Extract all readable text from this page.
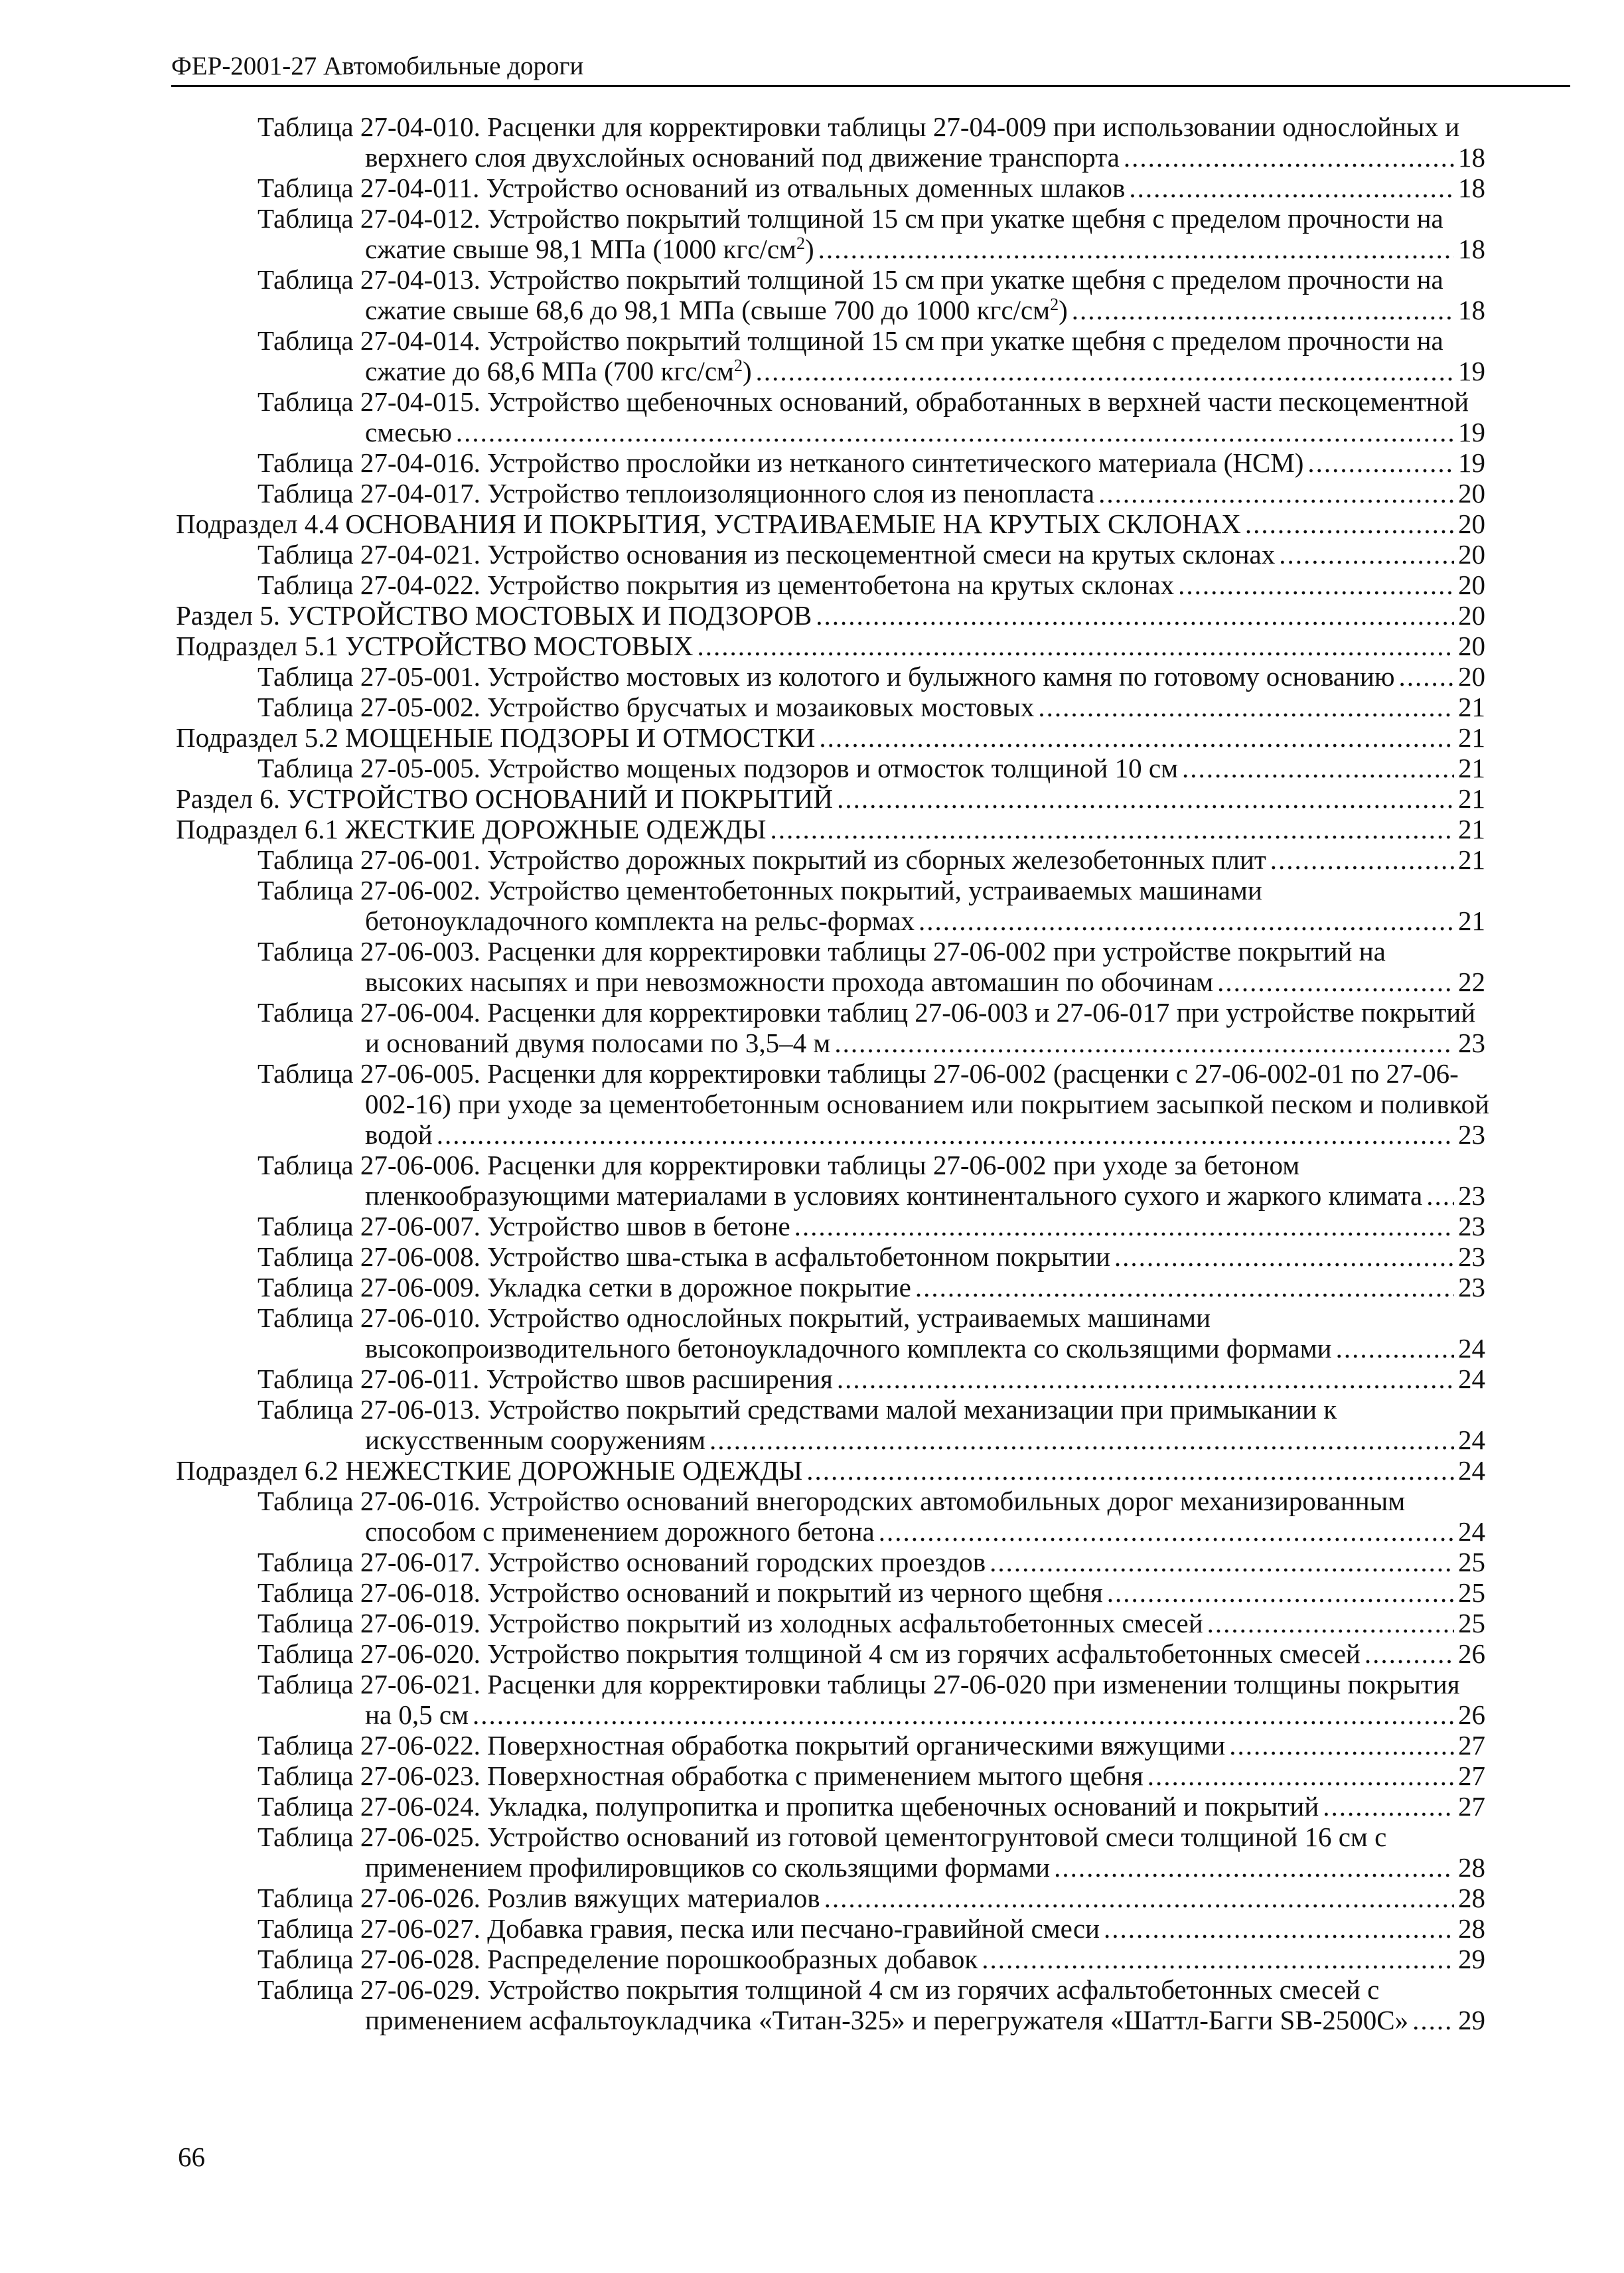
ФЕР-2001-27 Автомобильные дороги
Таблица 27-04-010. Расценки для корректировки таблицы 27-04-009 при использовании однослойных и
верхнего слоя двухслойных оснований под движение транспорта .....	18
Таблица 27-04-011. Устройство оснований из отвальных доменных шлаков .....	18
Таблица 27-04-012. Устройство покрытий толщиной 15 см при укатке щебня с пределом прочности на
сжатие свыше 98,1 МПа (1000 кгс/$см^2$) .....	18
Таблица 27-04-013. Устройство покрытий толщиной 15 см при укатке щебня с пределом прочности на
сжатие свыше 68,6 до 98,1 МПа (свыше 700 до 1000 кгс/$см^2$) .....	18
Таблица 27-04-014. Устройство покрытий толщиной 15 см при укатке щебня с пределом прочности на
сжатие до 68,6 МПа (700 кгс/$см^2$) .....	19
Таблица 27-04-015. Устройство щебеночных оснований, обработанных в верхней части пескоцементной
смесью .....	19
Таблица 27-04-016. Устройство прослойки из нетканого синтетического материала (НСМ) .....	19
Таблица 27-04-017. Устройство теплоизоляционного слоя из пенопласта .....	20
Подраздел 4.4 ОСНОВАНИЯ И ПОКРЫТИЯ, УСТРАИВАЕМЫЕ НА КРУТЫХ СКЛОНАХ .....	20
Таблица 27-04-021. Устройство основания из пескоцементной смеси на крутых склонах .....	20
Таблица 27-04-022. Устройство покрытия из цементобетона на крутых склонах .....	20
Раздел 5. УСТРОЙСТВО МОСТОВЫХ И ПОДЗОРОВ .....	20
Подраздел 5.1 УСТРОЙСТВО МОСТОВЫХ .....	20
Таблица 27-05-001. Устройство мостовых из колотого и булыжного камня по готовому основанию ..... 20
Таблица 27-05-002. Устройство брусчатых и мозаиковых мостовых .....	21
Подраздел 5.2 МОЩЕНЫЕ ПОДЗОРЫ И ОТМОСТКИ .....	21
Таблица 27-05-005. Устройство мощеных подзоров и отмосток толщиной 10 см .....	21
Раздел 6. УСТРОЙСТВО ОСНОВАНИЙ И ПОКРЫТИЙ .....	21
Подраздел 6.1 ЖЕСТКИЕ ДОРОЖНЫЕ ОДЕЖДЫ .....	21
Таблица 27-06-001. Устройство дорожных покрытий из сборных железобетонных плит .....	21
Таблица 27-06-002. Устройство цементобетонных покрытий, устраиваемых машинами
бетоноукладочного комплекта на рельс-формах .....	21
Таблица 27-06-003. Расценки для корректировки таблицы 27-06-002 при устройстве покрытий на
высоких насыпях и при невозможности прохода автомашин по обочинам .....	22
Таблица 27-06-004. Расценки для корректировки таблиц 27-06-003 и 27-06-017 при устройстве покрытий
и оснований двумя полосами по 3,5–4 м .....	23
Таблица 27-06-005. Расценки для корректировки таблицы 27-06-002 (расценки с 27-06-002-01 по 27-06-
002-16) при уходе за цементобетонным основанием или покрытием засыпкой песком и поливкой
водой .....	23
Таблица 27-06-006. Расценки для корректировки таблицы 27-06-002 при уходе за бетоном
пленкообразующими материалами в условиях континентального сухого и жаркого климата ..... 23
Таблица 27-06-007. Устройство швов в бетоне .....	23
Таблица 27-06-008. Устройство шва-стыка в асфальтобетонном покрытии .....	23
Таблица 27-06-009. Укладка сетки в дорожное покрытие .....	23
Таблица 27-06-010. Устройство однослойных покрытий, устраиваемых машинами
высокопроизводительного бетоноукладочного комплекта со скользящими формами .....	24
Таблица 27-06-011. Устройство швов расширения .....	24
Таблица 27-06-013. Устройство покрытий средствами малой механизации при примыкании к
искусственным сооружениям .....	24
Подраздел 6.2 НЕЖЕСТКИЕ ДОРОЖНЫЕ ОДЕЖДЫ .....	24
Таблица 27-06-016. Устройство оснований внегородских автомобильных дорог механизированным
способом с применением дорожного бетона .....	24
Таблица 27-06-017. Устройство оснований городских проездов .....	25
Таблица 27-06-018. Устройство оснований и покрытий из черного щебня .....	25
Таблица 27-06-019. Устройство покрытий из холодных асфальтобетонных смесей .....	25
Таблица 27-06-020. Устройство покрытия толщиной 4 см из горячих асфальтобетонных смесей .....	26
Таблица 27-06-021. Расценки для корректировки таблицы 27-06-020 при изменении толщины покрытия
на 0,5 см .....	26
Таблица 27-06-022. Поверхностная обработка покрытий органическими вяжущими .....	27
Таблица 27-06-023. Поверхностная обработка с применением мытого щебня .....	27
Таблица 27-06-024. Укладка, полупропитка и пропитка щебеночных оснований и покрытий .....	27
Таблица 27-06-025. Устройство оснований из готовой цементогрунтовой смеси толщиной 16 см с
применением профилировщиков со скользящими формами .....	28
Таблица 27-06-026. Розлив вяжущих материалов .....	28
Таблица 27-06-027. Добавка гравия, песка или песчано-гравийной смеси .....	28
Таблица 27-06-028. Распределение порошкообразных добавок .....	29
Таблица 27-06-029. Устройство покрытия толщиной 4 см из горячих асфальтобетонных смесей с
применением асфальтоукладчика «Титан-325» и перегружателя «Шаттл-Багги SB-2500С» ..... 29
66
